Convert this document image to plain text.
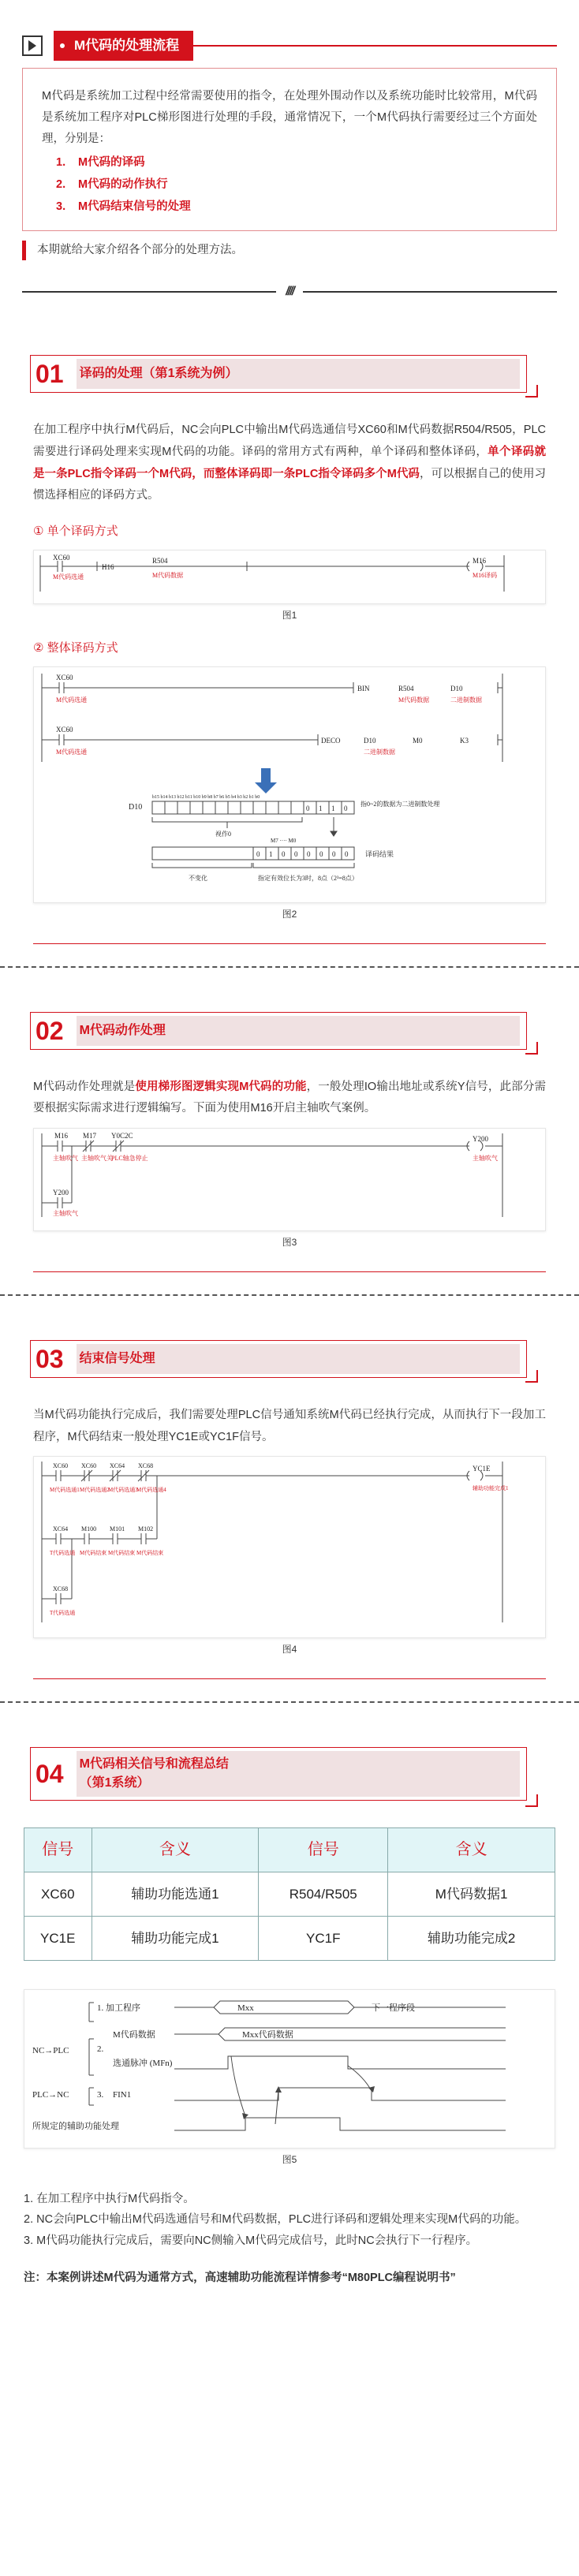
M代码的处理流程

M代码是系统加工过程中经常需要使用的指令，在处理外围动作以及系统功能时比较常用，M代码是系统加工程序对PLC梯形图进行处理的手段，通常情况下，一个M代码执行需要经过三个方面处理，分别是：

1. M代码的译码
2. M代码的动作执行
3. M代码结束信号的处理
本期就给大家介绍各个部分的处理方法。
////
01 译码的处理（第1系统为例）

在加工程序中执行M代码后，NC会向PLC中输出M代码选通信号XC60和M代码数据R504/R505，PLC需要进行译码处理来实现M代码的功能。译码的常用方式有两种，单个译码和整体译码，单个译码就是一条PLC指令译码一个M代码，而整体译码即一条PLC指令译码多个M代码，可以根据自己的使用习惯选择相应的译码方式。

① 单个译码方式
XC60
M代码选通
H16
R504
M代码数据
M16
M16译码
图1
② 整体译码方式
XC60
M代码选通
BIN	R504
M代码数据
D10
二进制数据
XC60
M代码选通
DECO	D10
二进制数据
M0	K3
D10
b15 b14 b13 b12 b11 b10 b9 b8 b7 b6 b5 b4 b3 b2 b1 b0
0 1 1 0
指0~2的数据为二进制数处理
视作0
M7 ···· M0
0 1 0 0 0 0 0 0 译码结果
不变化	指定有效位长为3时，8点（2³=8点）
图2
02 M代码动作处理

M代码动作处理就是使用梯形图逻辑实现M代码的功能，一般处理IO输出地址或系统Y信号，此部分需要根据实际需求进行逻辑编写。下面为使用M16开启主轴吹气案例。

M16
主轴吹气
M17
主轴吹气关
Y0C2C
PLC轴急停止
Y200
主轴吹气
Y200
主轴吹气
图3
03 结束信号处理

当M代码功能执行完成后，我们需要处理PLC信号通知系统M代码已经执行完成，从而执行下一段加工程序，M代码结束一般处理YC1E或YC1F信号。

XC60 XC60 XC64 XC68
M代码选通1 M代码选通2
M代码选通3
M代码选通4
YC1E
辅助功能完成1
XC64 M100 M101 M102
T代码选通 M代码结束 M代码结束 M代码结束
XC68
T代码选通
图4
04 M代码相关信号和流程总结
（第1系统）
信号	含义	信号	含义
XC60	辅助功能选通1	R504/R505	M代码数据1
YC1E	辅助功能完成1	YC1F	辅助功能完成2
1. 加工程序
M代码数据
选通脉冲 (MFn)
NC→PLC	2.
PLC→NC	3. FIN1
所规定的辅助功能处理
Mxx	下一程序段
Mxx代码数据
图5

1. 在加工程序中执行M代码指令。

2. NC会向PLC中输出M代码选通信号和M代码数据，PLC进行译码和逻辑处理来实现M代码的功能。

3. M代码功能执行完成后，需要向NC侧输入M代码完成信号，此时NC会执行下一行程序。

注：本案例讲述M代码为通常方式，高速辅助功能流程详情参考“M80PLC编程说明书”
